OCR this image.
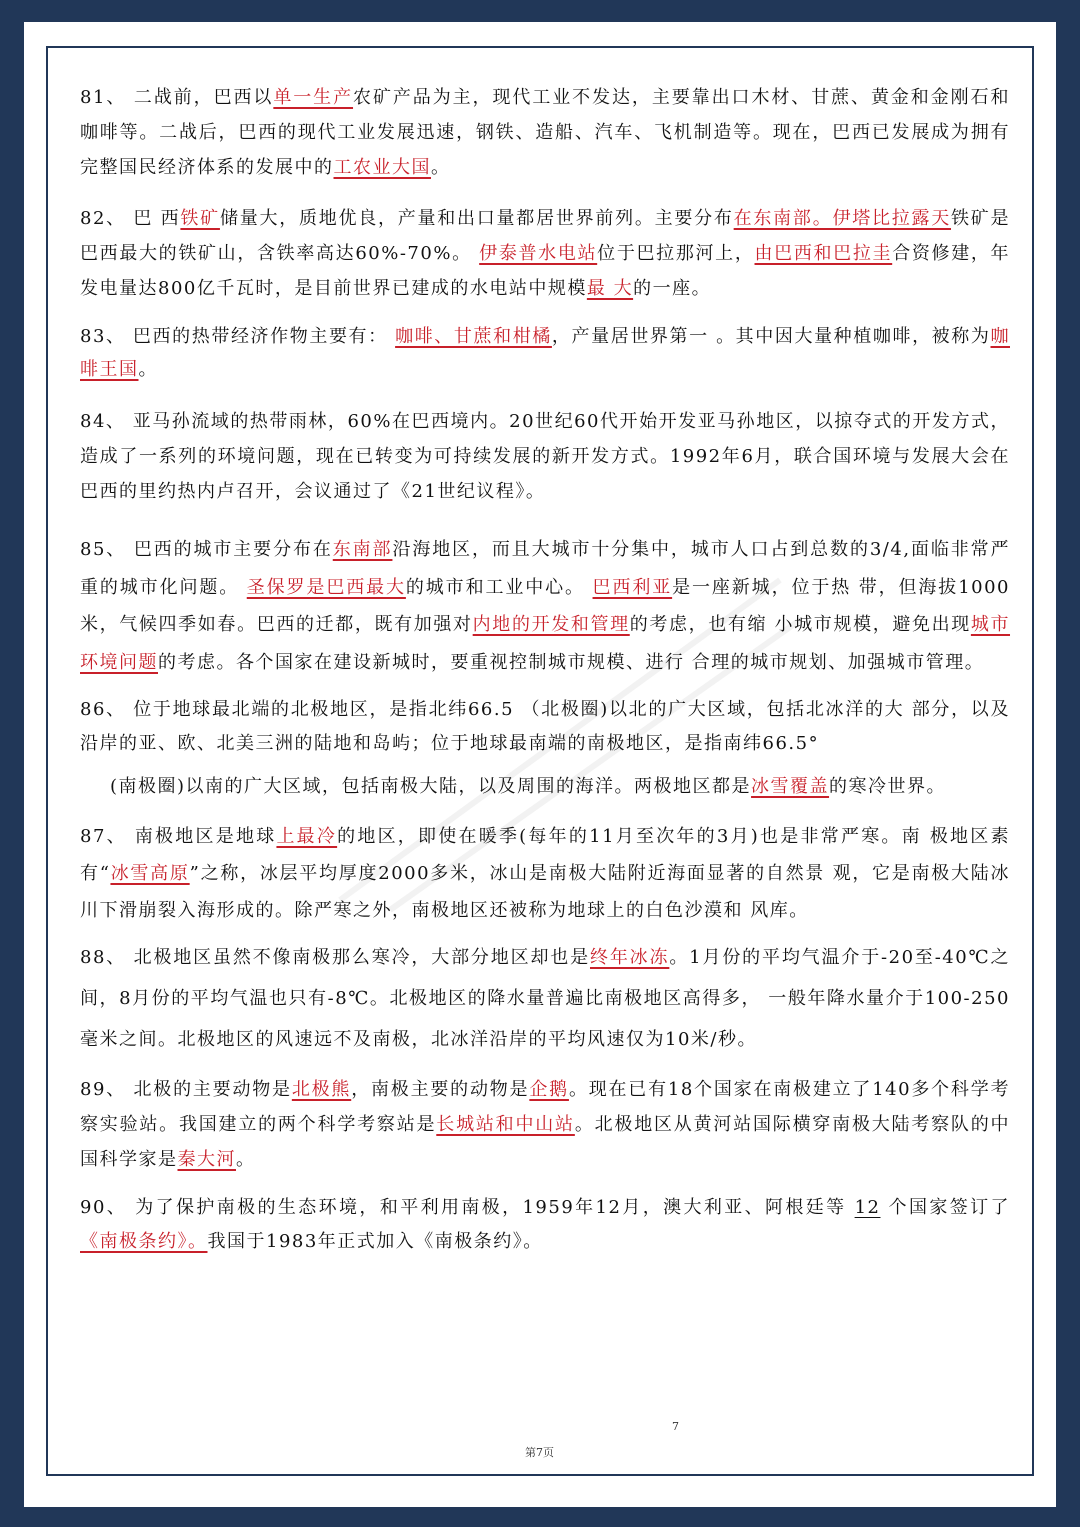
81、 二战前，巴西以单一生产农矿产品为主，现代工业不发达，主要靠出口木材、甘蔗、黄金和金刚石和咖啡等。二战后，巴西的现代工业发展迅速，钢铁、造船、汽车、飞机制造等。现在，巴西已发展成为拥有完整国民经济体系的发展中的工农业大国。

82、 巴 西铁矿储量大，质地优良，产量和出口量都居世界前列。主要分布在东南部。伊塔比拉露天铁矿是巴西最大的铁矿山，含铁率高达60%-70%。 伊泰普水电站位于巴拉那河上，由巴西和巴拉圭合资修建，年发电量达800亿千瓦时，是目前世界已建成的水电站中规模最 大的一座。

83、 巴西的热带经济作物主要有： 咖啡、甘蔗和柑橘，产量居世界第一 。其中因大量种植咖啡，被称为咖啡王国。

84、 亚马孙流域的热带雨林，60%在巴西境内。20世纪60代开始开发亚马孙地区，以掠夺式的开发方式，造成了一系列的环境问题，现在已转变为可持续发展的新开发方式。1992年6月，联合国环境与发展大会在巴西的里约热内卢召开，会议通过了《21世纪议程》。

85、 巴西的城市主要分布在东南部沿海地区，而且大城市十分集中，城市人口占到总数的3/4,面临非常严重的城市化问题。 圣保罗是巴西最大的城市和工业中心。 巴西利亚是一座新城，位于热 带，但海拔1000米，气候四季如春。巴西的迁都，既有加强对内地的开发和管理的考虑，也有缩 小城市规模，避免出现城市环境问题的考虑。各个国家在建设新城时，要重视控制城市规模、进行 合理的城市规划、加强城市管理。

86、 位于地球最北端的北极地区，是指北纬66.5 （北极圈)以北的广大区域，包括北冰洋的大 部分，以及沿岸的亚、欧、北美三洲的陆地和岛屿；位于地球最南端的南极地区，是指南纬66.5°
(南极圈)以南的广大区域，包括南极大陆，以及周围的海洋。两极地区都是冰雪覆盖的寒冷世界。

87、 南极地区是地球上最冷的地区，即使在暖季(每年的11月至次年的3月)也是非常严寒。南 极地区素有“冰雪高原”之称，冰层平均厚度2000多米，冰山是南极大陆附近海面显著的自然景 观，它是南极大陆冰川下滑崩裂入海形成的。除严寒之外，南极地区还被称为地球上的白色沙漠和 风库。

88、 北极地区虽然不像南极那么寒冷，大部分地区却也是终年冰冻。1月份的平均气温介于-20至-40℃之间，8月份的平均气温也只有-8℃。北极地区的降水量普遍比南极地区高得多， 一般年降水量介于100-250毫米之间。北极地区的风速远不及南极，北冰洋沿岸的平均风速仅为10米/秒。

89、 北极的主要动物是北极熊，南极主要的动物是企鹅。现在已有18个国家在南极建立了140多个科学考察实验站。我国建立的两个科学考察站是长城站和中山站。北极地区从黄河站国际横穿南极大陆考察队的中国科学家是秦大河。

90、 为了保护南极的生态环境，和平利用南极，1959年12月，澳大利亚、阿根廷等 12 个国家签订了《南极条约》。我国于1983年正式加入《南极条约》。

7
第7页
